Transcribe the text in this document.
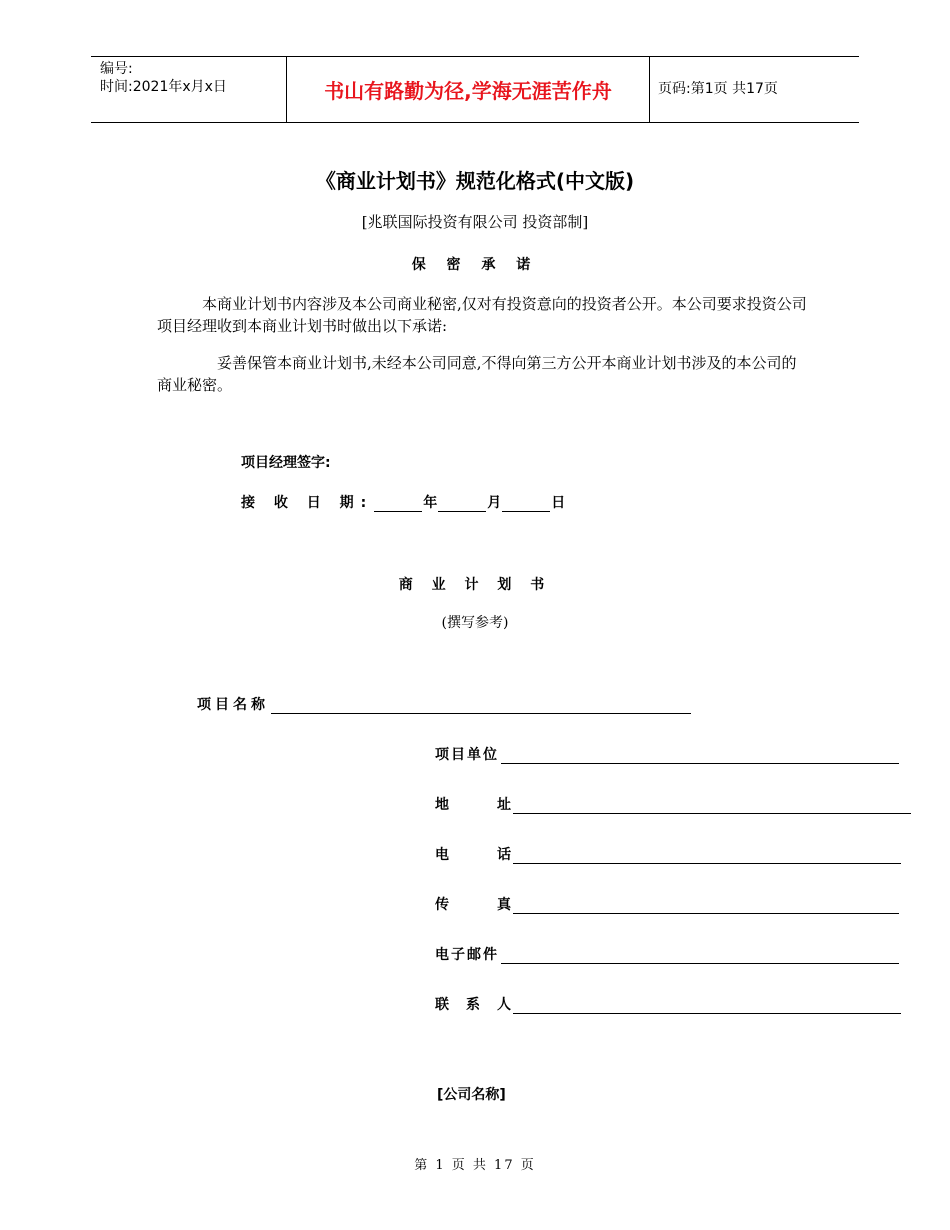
编号:
时间:2021年x月x日	书山有路勤为径,学海无涯苦作舟	页码:第1页 共17页
《商业计划书》规范化格式(中文版)
[兆联国际投资有限公司 投资部制]
保 密 承 诺
本商业计划书内容涉及本公司商业秘密,仅对有投资意向的投资者公开。本公司要求投资公司项目经理收到本商业计划书时做出以下承诺:
妥善保管本商业计划书,未经本公司同意,不得向第三方公开本商业计划书涉及的本公司的商业秘密。
项目经理签字:
接 收 日 期:	年	月	日
商 业 计 划 书
(撰写参考)
项目名称
项目单位
地	址
电	话
传	真
电子邮件
联 系 人
[公司名称]
第 1 页 共 17 页
